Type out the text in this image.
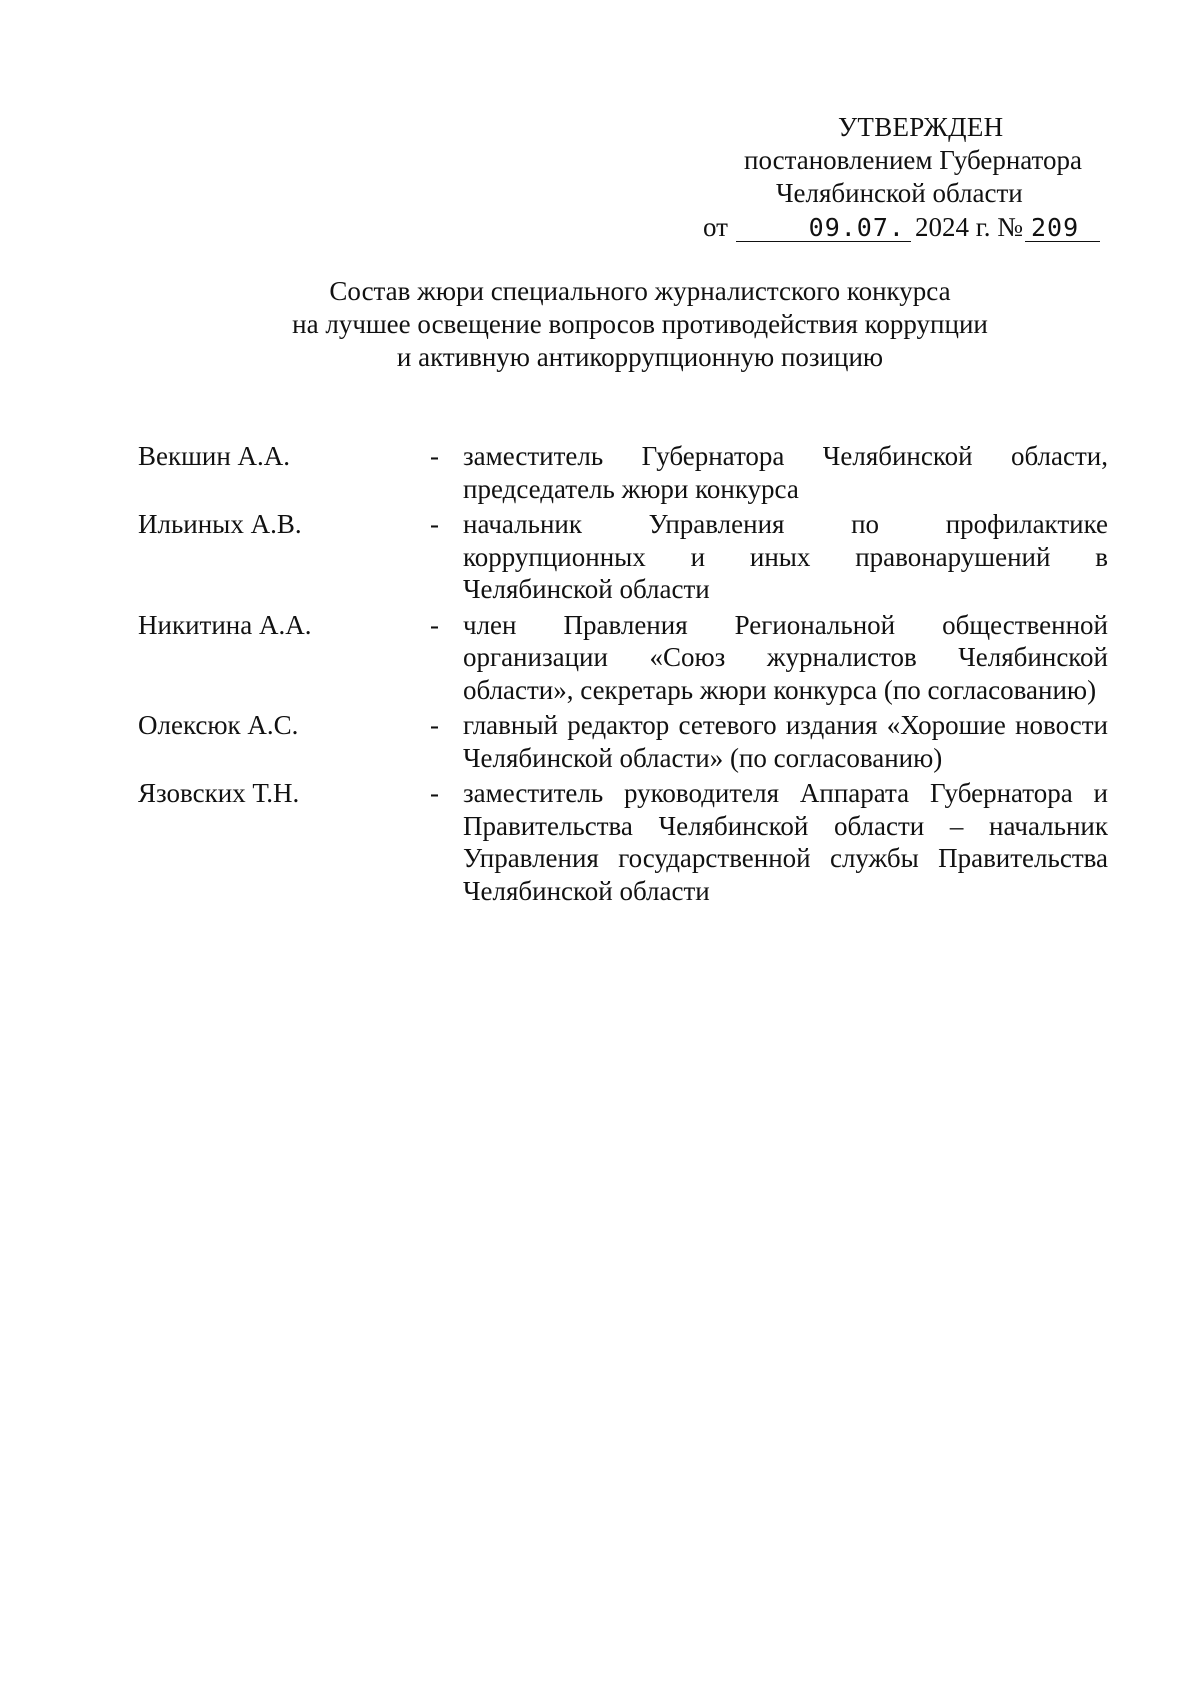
УТВЕРЖДЕН
постановлением Губернатора
Челябинской области
от	09.07. 2024 г. № 209
Состав жюри специального журналистского конкурса
на лучшее освещение вопросов противодействия коррупции
и активную антикоррупционную позицию
Векшин А.А.	- заместитель Губернатора Челябинской области, председатель жюри конкурса
Ильиных А.В.	- начальник Управления по профилактике коррупционных и иных правонарушений в Челябинской области
Никитина А.А.	- член Правления Региональной общественной организации «Союз журналистов Челябинской области», секретарь жюри конкурса (по согласованию)
Олексюк А.С.	- главный редактор сетевого издания «Хорошие новости Челябинской области» (по согласованию)
Язовских Т.Н.	- заместитель руководителя Аппарата Губернатора и Правительства Челябинской области – начальник Управления государственной службы Правительства Челябинской области
